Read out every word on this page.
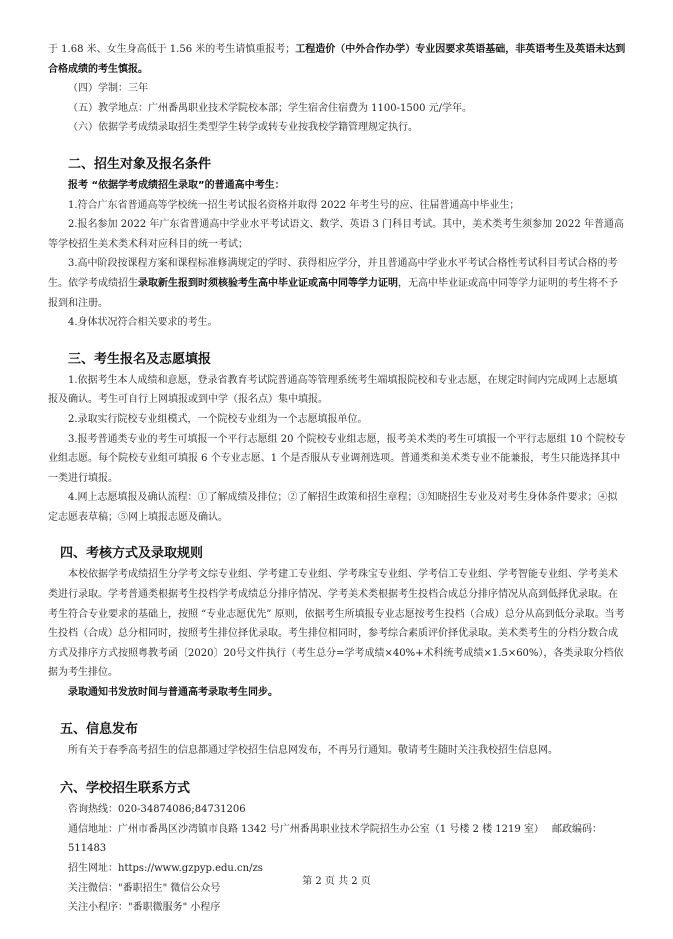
于 1.68 米、女生身高低于 1.56 米的考生请慎重报考；工程造价（中外合作办学）专业因要求英语基础，非英语考生及英语未达到合格成绩的考生慎报。

（四）学制：三年

（五）教学地点：广州番禺职业技术学院校本部；学生宿舍住宿费为 1100-1500 元/学年。

（六）依据学考成绩录取招生类型学生转学或转专业按我校学籍管理规定执行。

二、招生对象及报名条件

报考 “依据学考成绩招生录取”的普通高中考生：

1.符合广东省普通高等学校统一招生考试报名资格并取得 2022 年考生号的应、往届普通高中毕业生；

2.报名参加 2022 年广东省普通高中学业水平考试语文、数学、英语 3 门科目考试。其中，美术类考生须参加 2022 年普通高等学校招生美术类术科对应科目的统一考试；

3.高中阶段按课程方案和课程标准修满规定的学时、获得相应学分，并且普通高中学业水平考试合格性考试科目考试合格的考生。依学考成绩招生录取新生报到时须核验考生高中毕业证或高中同等学力证明，无高中毕业证或高中同等学力证明的考生将不予报到和注册。

4.身体状况符合相关要求的考生。

三、考生报名及志愿填报

1.依据考生本人成绩和意愿，登录省教育考试院普通高等管理系统考生端填报院校和专业志愿，在规定时间内完成网上志愿填报及确认。考生可自行上网填报或到中学（报名点）集中填报。

2.录取实行院校专业组模式，一个院校专业组为一个志愿填报单位。

3.报考普通类专业的考生可填报一个平行志愿组 20 个院校专业组志愿，报考美术类的考生可填报一个平行志愿组 10 个院校专业组志愿。每个院校专业组可填报 6 个专业志愿、1 个是否服从专业调剂选项。普通类和美术类专业不能兼报，考生只能选择其中一类进行填报。

4.网上志愿填报及确认流程：①了解成绩及排位；②了解招生政策和招生章程；③知晓招生专业及对考生身体条件要求；④拟定志愿表草稿；⑤网上填报志愿及确认。

四、考核方式及录取规则

本校依据学考成绩招生分学考文综专业组、学考建工专业组、学考珠宝专业组、学考信工专业组、学考智能专业组、学考美术类进行录取。学考普通类根据考生投档学考成绩总分排序情况、学考美术类根据考生投档合成总分排序情况从高到低择优录取。在考生符合专业要求的基础上，按照 “专业志愿优先” 原则，依据考生所填报专业志愿按考生投档（合成）总分从高到低分录取。当考生投档（合成）总分相同时，按照考生排位择优录取。考生排位相同时，参考综合素质评价择优录取。美术类考生的分档分数合成方式及排序方式按照粤教考函〔2020〕20号文件执行（考生总分=学考成绩×40%+术科统考成绩×1.5×60%），各类录取分档依据为考生排位。

录取通知书发放时间与普通高考录取考生同步。

五、信息发布

所有关于春季高考招生的信息都通过学校招生信息网发布，不再另行通知。敬请考生随时关注我校招生信息网。

六、学校招生联系方式

咨询热线：020-34874086;84731206

通信地址：广州市番禺区沙湾镇市良路 1342 号广州番禺职业技术学院招生办公室（1 号楼 2 楼 1219 室）　 邮政编码：511483

招生网址：https://www.gzpyp.edu.cn/zs

关注微信："番职招生" 微信公众号

关注小程序："番职微服务" 小程序

第 2 页 共 2 页
